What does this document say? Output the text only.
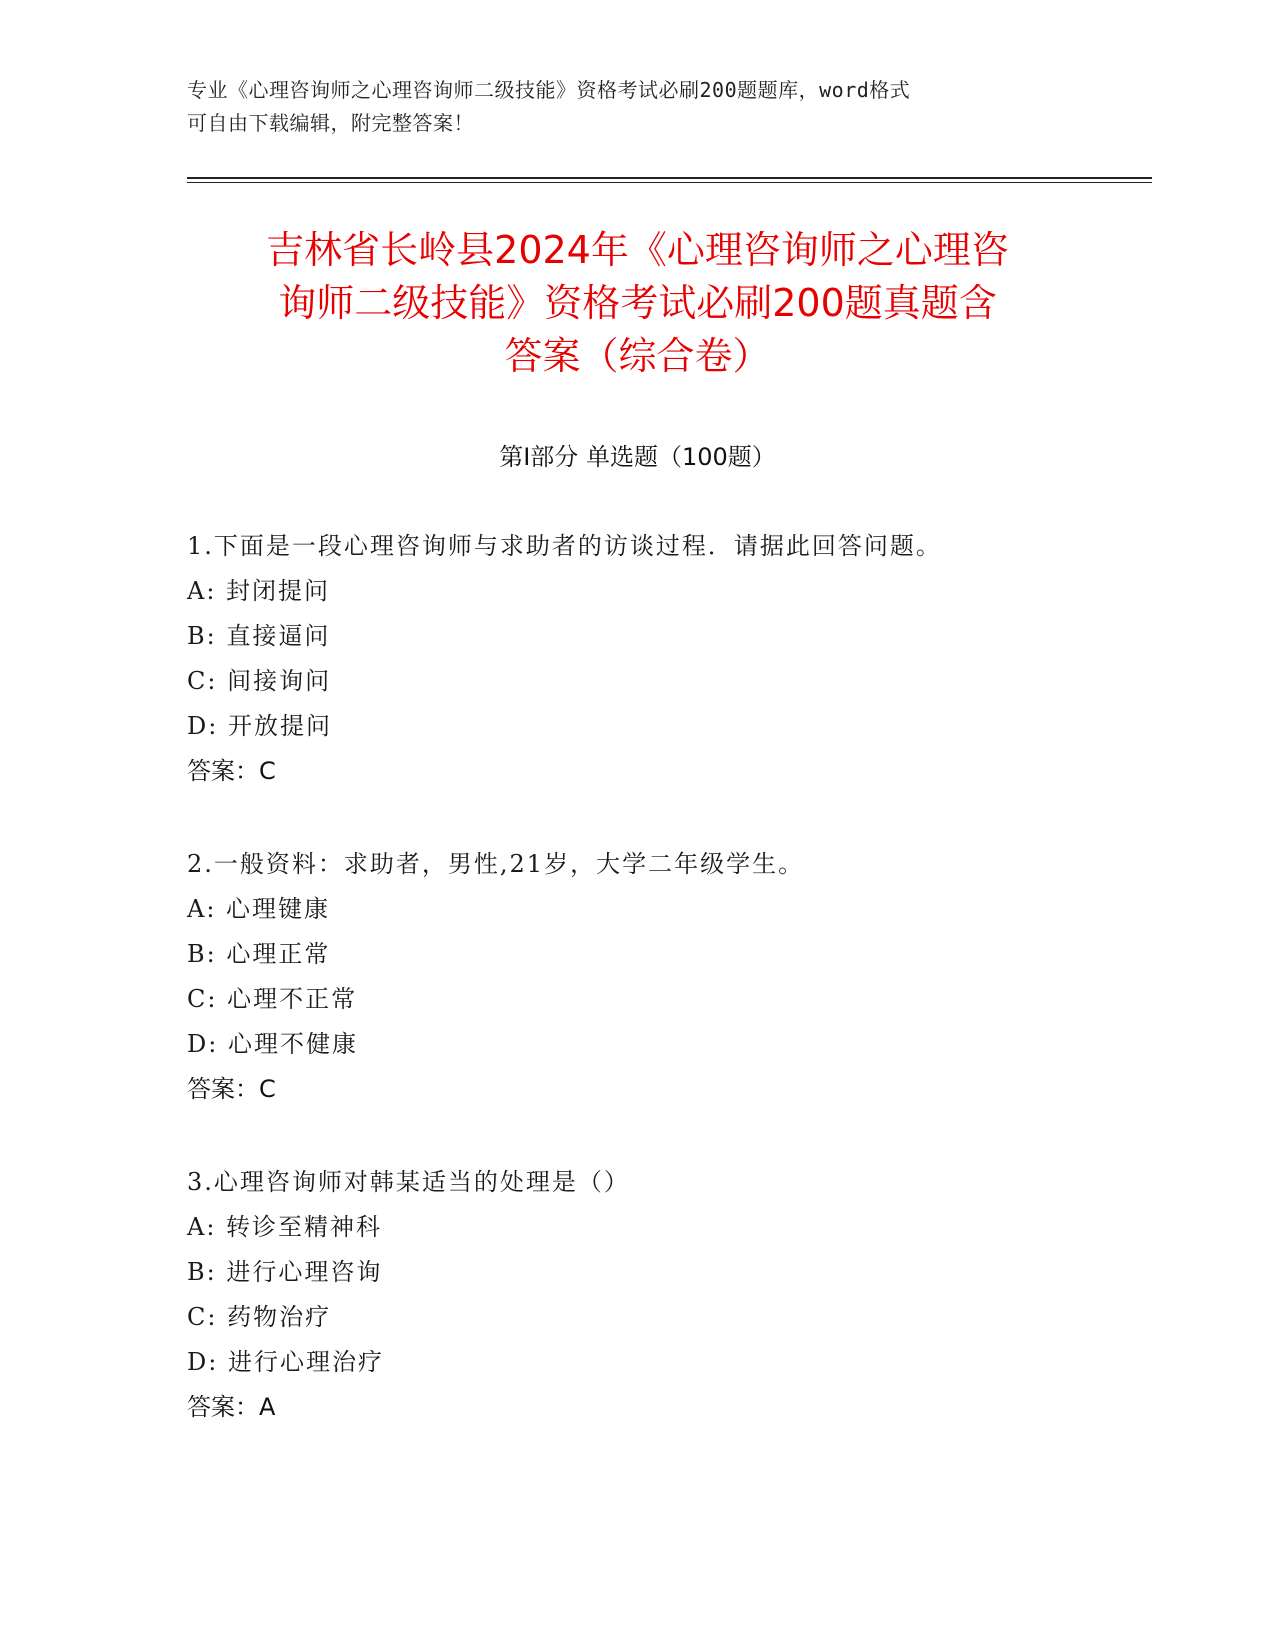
专业《心理咨询师之心理咨询师二级技能》资格考试必刷200题题库，word格式
可自由下载编辑，附完整答案！
吉林省长岭县2024年《心理咨询师之心理咨
询师二级技能》资格考试必刷200题真题含
答案（综合卷）
第Ⅰ部分 单选题（100题）
1.下面是一段心理咨询师与求助者的访谈过程．请据此回答问题。
A: 封闭提问
B: 直接逼问
C: 间接询问
D: 开放提问
答案：C
2.一般资料：求助者，男性,21岁，大学二年级学生。
A: 心理键康
B: 心理正常
C: 心理不正常
D: 心理不健康
答案：C
3.心理咨询师对韩某适当的处理是（）
A: 转诊至精神科
B: 进行心理咨询
C: 药物治疗
D: 进行心理治疗
答案：A
